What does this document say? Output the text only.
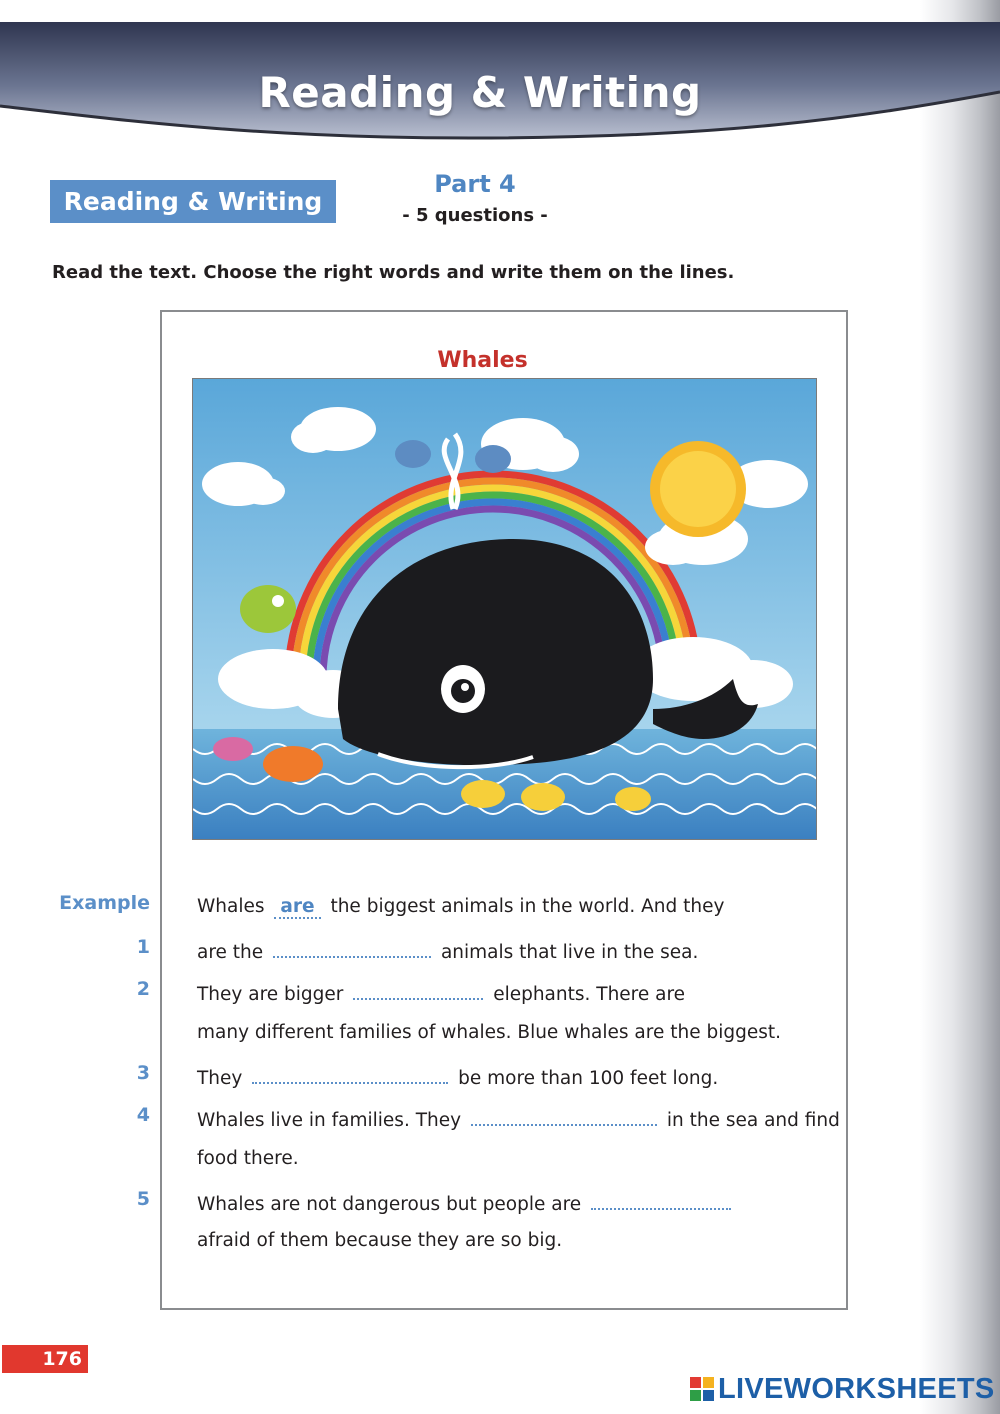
Reading & Writing
Reading & Writing
Part 4
- 5 questions -
Read the text. Choose the right words and write them on the lines.
Whales
Example	Whales are the biggest animals in the world. And they
1	are the	animals that live in the sea.
2	They are bigger	elephants. There are
many different families of whales. Blue whales are the biggest.
3	They	be more than 100 feet long.
4	Whales live in families. They	in the sea and find
food there.
5	Whales are not dangerous but people are
afraid of them because they are so big.
176
LIVEWORKSHEETS
